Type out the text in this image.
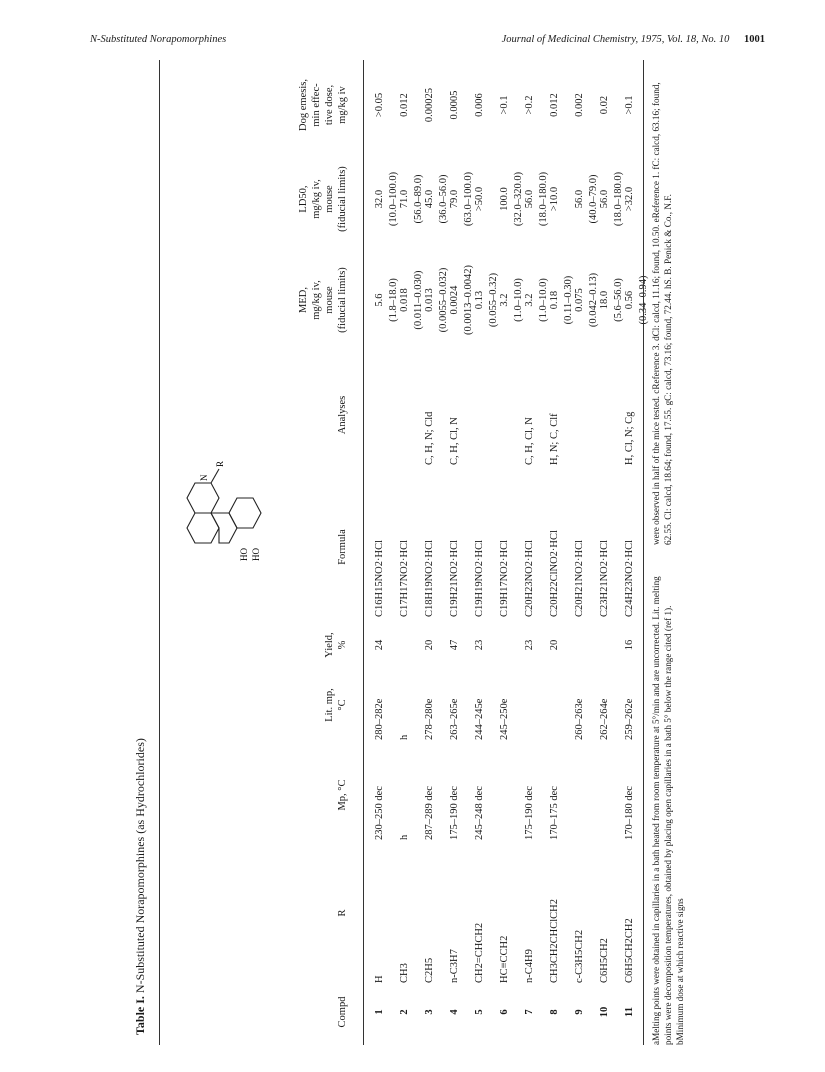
N-Substituted Norapomorphines	Journal of Medicinal Chemistry, 1975, Vol. 18, No. 10 1001
Table I. N-Substituted Norapomorphines (as Hydrochlorides)
N
R
HO HO
Compd
R
Mp, °C
Lit. mp, °C
Yield, %
Formula
Analyses
MED, mg/kg iv, mouse (fiducial limits)
LD50, mg/kg iv, mouse (fiducial limits)
Dog emesis, min effec- tive dose, mg/kg iv
1
H
230–250 dec
280–282e
24
C16H15NO2·HCl
5.6 (1.8–18.0)
32.0 (10.0–100.0)
>0.05
2
CH3
h
h
C17H17NO2·HCl
0.018 (0.011–0.030)
71.0 (56.0–89.0)
0.012
3
C2H5
287–289 dec
278–280e
20
C18H19NO2·HCl
C, H, N; Cld
0.013 (0.0055–0.032)
45.0 (36.0–56.0)
0.00025
4
n-C3H7
175–190 dec
263–265e
47
C19H21NO2·HCl
C, H, Cl, N
0.0024 (0.0013–0.0042)
79.0 (63.0–100.0)
0.0005
5
CH2=CHCH2
245–248 dec
244–245e
23
C19H19NO2·HCl
0.13 (0.055–0.32)
>50.0
0.006
6
HC≡CCH2
245–250e
C19H17NO2·HCl
3.2 (1.0–10.0)
100.0 (32.0–320.0)
>0.1
7
n-C4H9
175–190 dec
23
C20H23NO2·HCl
C, H, Cl, N
3.2 (1.0–10.0)
56.0 (18.0–180.0)
>0.2
8
CH3CH2CHClCH2
170–175 dec
20
C20H22ClNO2·HCl
H, N; C, Clf
0.18 (0.11–0.30)
>10.0
0.012
9
c-C3H5CH2
260–263e
C20H21NO2·HCl
0.075 (0.042–0.13)
56.0 (40.0–79.0)
0.002
10
C6H5CH2
262–264e
C23H21NO2·HCl
18.0 (5.6–56.0)
56.0 (18.0–180.0)
0.02
11
C6H5CH2CH2
170–180 dec
259–262e
16
C24H23NO2·HCl
H, Cl, N; Cg
0.56 (0.34–0.94)
>32.0
>0.1
aMelting points were obtained in capillaries in a bath heated from room temperature at 5°/min and are uncorrected. Lit. melting points were decomposition temperatures, obtained by placing open capillaries in a bath 5° below the range cited (ref 1). bMinimum dose at which reactive signs
were observed in half of the mice tested. cReference 3. dCl: calcd, 11.16; found, 10.50. eReference 1. fC: calcd, 63.16; found, 62.55. Cl: calcd, 18.64; found, 17.55. gC: calcd, 73.16; found, 72.44. hS. B. Penick & Co., N.F.
